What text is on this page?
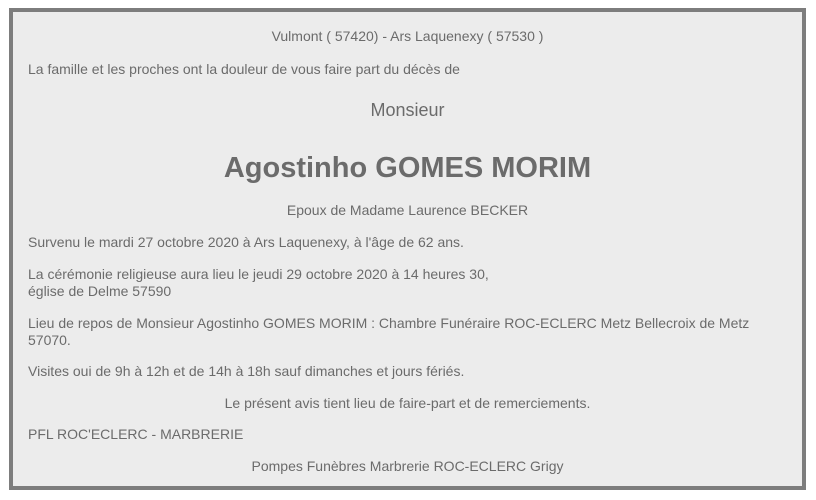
Vulmont ( 57420) - Ars Laquenexy ( 57530 )
La famille et les proches ont la douleur de vous faire part du décès de
Monsieur
Agostinho GOMES MORIM
Epoux de Madame Laurence BECKER
Survenu le mardi 27 octobre 2020 à Ars Laquenexy, à l'âge de 62 ans.
La cérémonie religieuse aura lieu le jeudi 29 octobre 2020 à 14 heures 30,
église de Delme 57590
Lieu de repos de Monsieur Agostinho GOMES MORIM : Chambre Funéraire ROC-ECLERC Metz Bellecroix de Metz
57070.
Visites oui de 9h à 12h et de 14h à 18h sauf dimanches et jours fériés.
Le présent avis tient lieu de faire-part et de remerciements.
PFL ROC'ECLERC - MARBRERIE
Pompes Funèbres Marbrerie ROC-ECLERC Grigy
